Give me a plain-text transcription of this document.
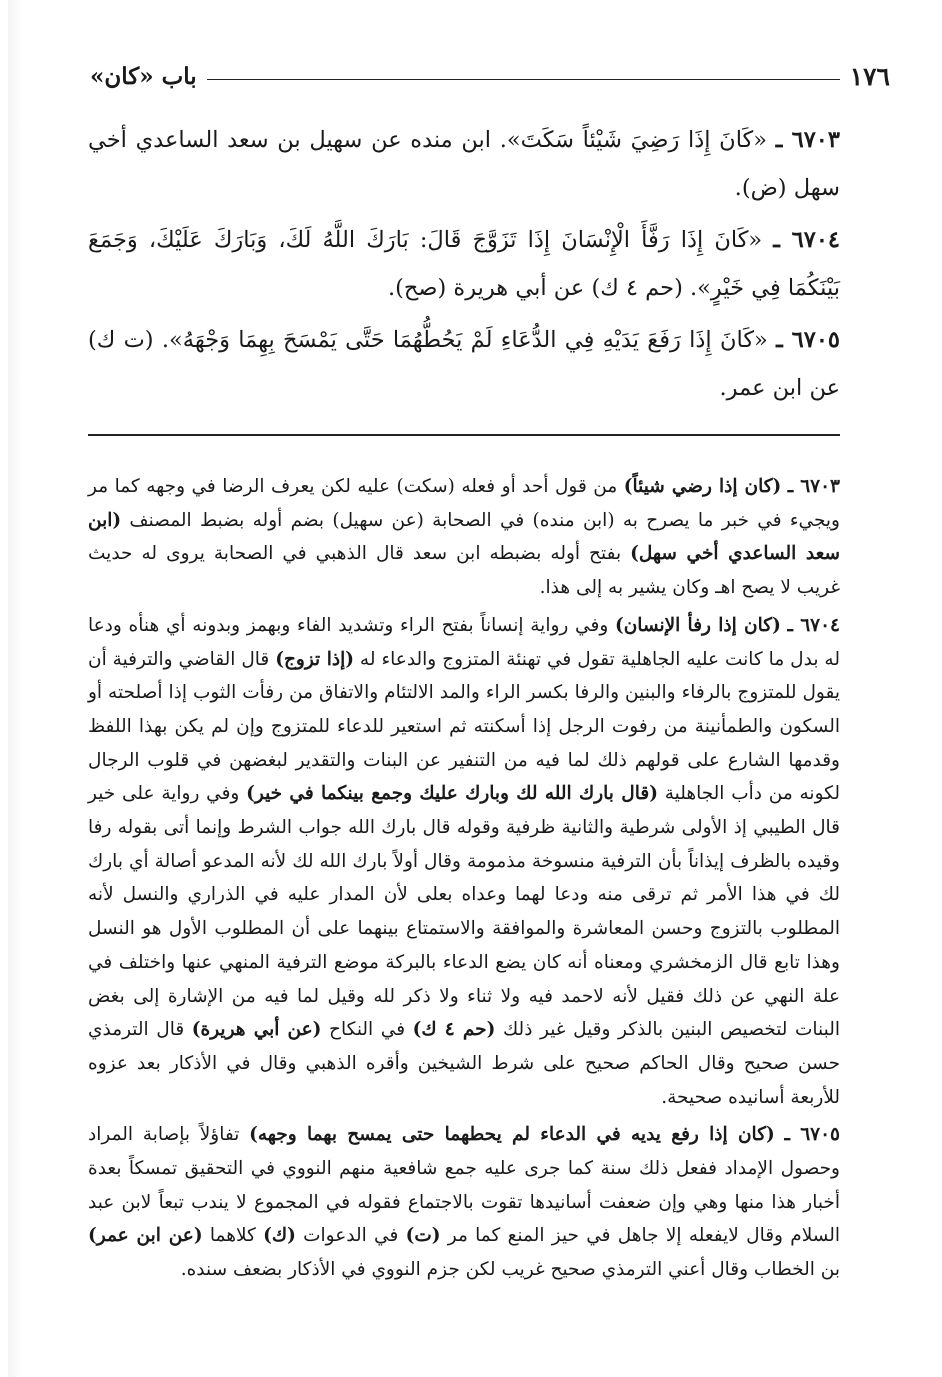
١٧٦
باب «كان»

٦٧٠٣ ـ «كَانَ إِذَا رَضِيَ شَيْئاً سَكَتَ». ابن منده عن سهيل بن سعد الساعدي أخي سهل (ض).

٦٧٠٤ ـ «كَانَ إِذَا رَفَّأَ الْإِنْسَانَ إِذَا تَزَوَّجَ قَالَ: بَارَكَ اللَّهُ لَكَ، وَبَارَكَ عَلَيْكَ، وَجَمَعَ بَيْنَكُمَا فِي خَيْرٍ». (حم ٤ ك) عن أبي هريرة (صح).

٦٧٠٥ ـ «كَانَ إِذَا رَفَعَ يَدَيْهِ فِي الدُّعَاءِ لَمْ يَحُطُّهُمَا حَتَّى يَمْسَحَ بِهِمَا وَجْهَهُ». (ت ك) عن ابن عمر.

٦٧٠٣ ـ (كان إذا رضي شيئاً) من قول أحد أو فعله (سكت) عليه لكن يعرف الرضا في وجهه كما مر ويجيء في خبر ما يصرح به (ابن منده) في الصحابة (عن سهيل) بضم أوله بضبط المصنف (ابن سعد الساعدي أخي سهل) بفتح أوله بضبطه ابن سعد قال الذهبي في الصحابة يروى له حديث غريب لا يصح اهـ وكان يشير به إلى هذا.

٦٧٠٤ ـ (كان إذا رفأ الإنسان) وفي رواية إنساناً بفتح الراء وتشديد الفاء وبهمز وبدونه أي هنأه ودعا له بدل ما كانت عليه الجاهلية تقول في تهنئة المتزوج والدعاء له (إذا تزوج) قال القاضي والترفية أن يقول للمتزوج بالرفاء والبنين والرفا بكسر الراء والمد الالتئام والاتفاق من رفأت الثوب إذا أصلحته أو السكون والطمأنينة من رفوت الرجل إذا أسكنته ثم استعير للدعاء للمتزوج وإن لم يكن بهذا اللفظ وقدمها الشارع على قولهم ذلك لما فيه من التنفير عن البنات والتقدير لبغضهن في قلوب الرجال لكونه من دأب الجاهلية (قال بارك الله لك وبارك عليك وجمع بينكما في خير) وفي رواية على خير قال الطيبي إذ الأولى شرطية والثانية ظرفية وقوله قال بارك الله جواب الشرط وإنما أتى بقوله رفا وقيده بالظرف إيذاناً بأن الترفية منسوخة مذمومة وقال أولاً بارك الله لك لأنه المدعو أصالة أي بارك لك في هذا الأمر ثم ترقى منه ودعا لهما وعداه بعلى لأن المدار عليه في الذراري والنسل لأنه المطلوب بالتزوج وحسن المعاشرة والموافقة والاستمتاع بينهما على أن المطلوب الأول هو النسل وهذا تابع قال الزمخشري ومعناه أنه كان يضع الدعاء بالبركة موضع الترفية المنهي عنها واختلف في علة النهي عن ذلك فقيل لأنه لاحمد فيه ولا ثناء ولا ذكر لله وقيل لما فيه من الإشارة إلى بغض البنات لتخصيص البنين بالذكر وقيل غير ذلك (حم ٤ ك) في النكاح (عن أبي هريرة) قال الترمذي حسن صحيح وقال الحاكم صحيح على شرط الشيخين وأقره الذهبي وقال في الأذكار بعد عزوه للأربعة أسانيده صحيحة.

٦٧٠٥ ـ (كان إذا رفع يديه في الدعاء لم يحطهما حتى يمسح بهما وجهه) تفاؤلاً بإصابة المراد وحصول الإمداد ففعل ذلك سنة كما جرى عليه جمع شافعية منهم النووي في التحقيق تمسكاً بعدة أخبار هذا منها وهي وإن ضعفت أسانيدها تقوت بالاجتماع فقوله في المجموع لا يندب تبعاً لابن عبد السلام وقال لايفعله إلا جاهل في حيز المنع كما مر (ت) في الدعوات (ك) كلاهما (عن ابن عمر) بن الخطاب وقال أعني الترمذي صحيح غريب لكن جزم النووي في الأذكار بضعف سنده.
